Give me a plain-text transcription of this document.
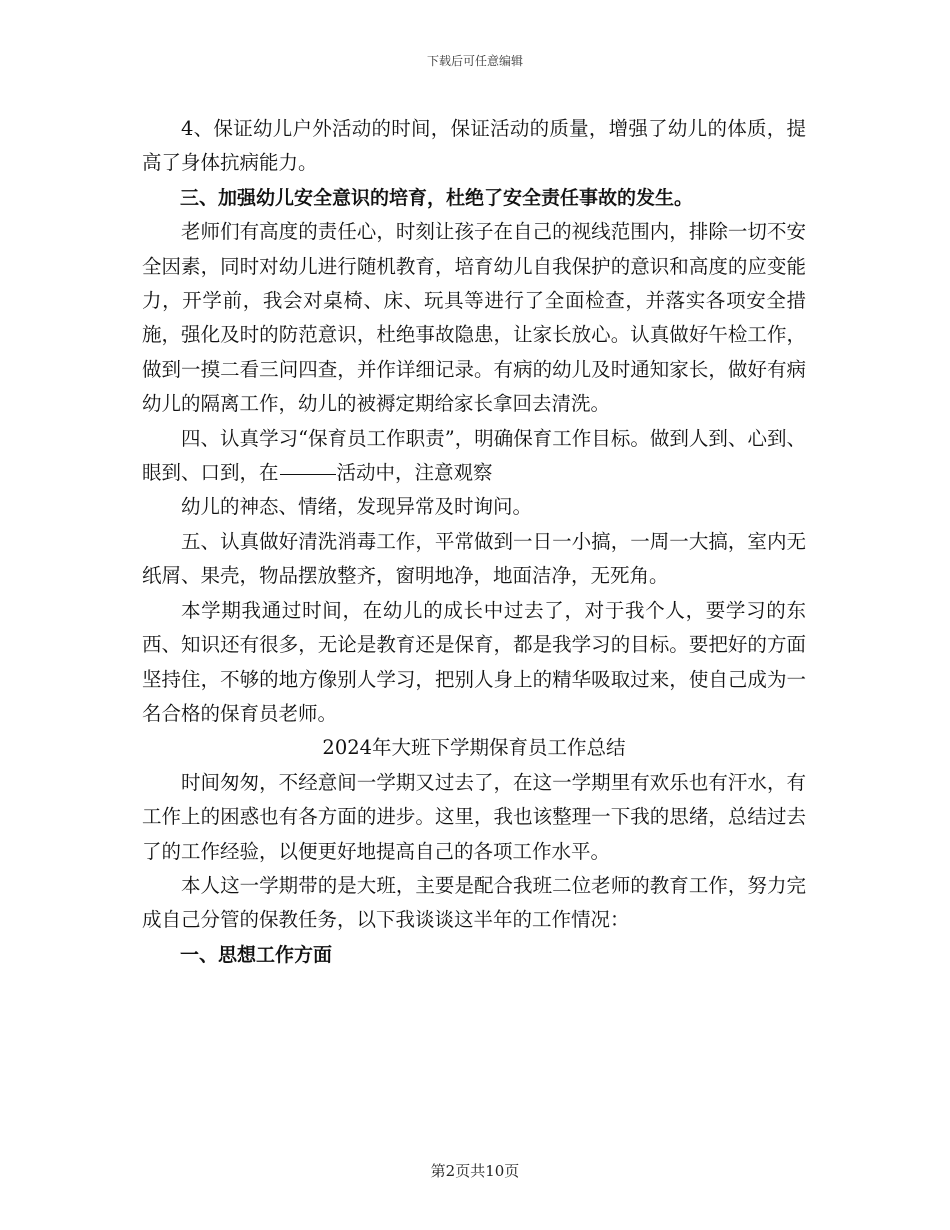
下载后可任意编辑

4、保证幼儿户外活动的时间，保证活动的质量，增强了幼儿的体质，提高了身体抗病能力。

三、加强幼儿安全意识的培育，杜绝了安全责任事故的发生。

老师们有高度的责任心，时刻让孩子在自己的视线范围内，排除一切不安全因素，同时对幼儿进行随机教育，培育幼儿自我保护的意识和高度的应变能力，开学前，我会对桌椅、床、玩具等进行了全面检查，并落实各项安全措施，强化及时的防范意识，杜绝事故隐患，让家长放心。认真做好午检工作，做到一摸二看三问四查，并作详细记录。有病的幼儿及时通知家长，做好有病幼儿的隔离工作，幼儿的被褥定期给家长拿回去清洗。

四、认真学习“保育员工作职责”，明确保育工作目标。做到人到、心到、眼到、口到，在	活动中，注意观察

幼儿的神态、情绪，发现异常及时询问。

五、认真做好清洗消毒工作，平常做到一日一小搞，一周一大搞，室内无纸屑、果壳，物品摆放整齐，窗明地净，地面洁净，无死角。

本学期我通过时间，在幼儿的成长中过去了，对于我个人，要学习的东西、知识还有很多，无论是教育还是保育，都是我学习的目标。要把好的方面坚持住，不够的地方像别人学习，把别人身上的精华吸取过来，使自己成为一名合格的保育员老师。

2024年大班下学期保育员工作总结

时间匆匆，不经意间一学期又过去了，在这一学期里有欢乐也有汗水，有工作上的困惑也有各方面的进步。这里，我也该整理一下我的思绪，总结过去了的工作经验，以便更好地提高自己的各项工作水平。

本人这一学期带的是大班，主要是配合我班二位老师的教育工作，努力完成自己分管的保教任务，以下我谈谈这半年的工作情况：

一、思想工作方面

第2页共10页
